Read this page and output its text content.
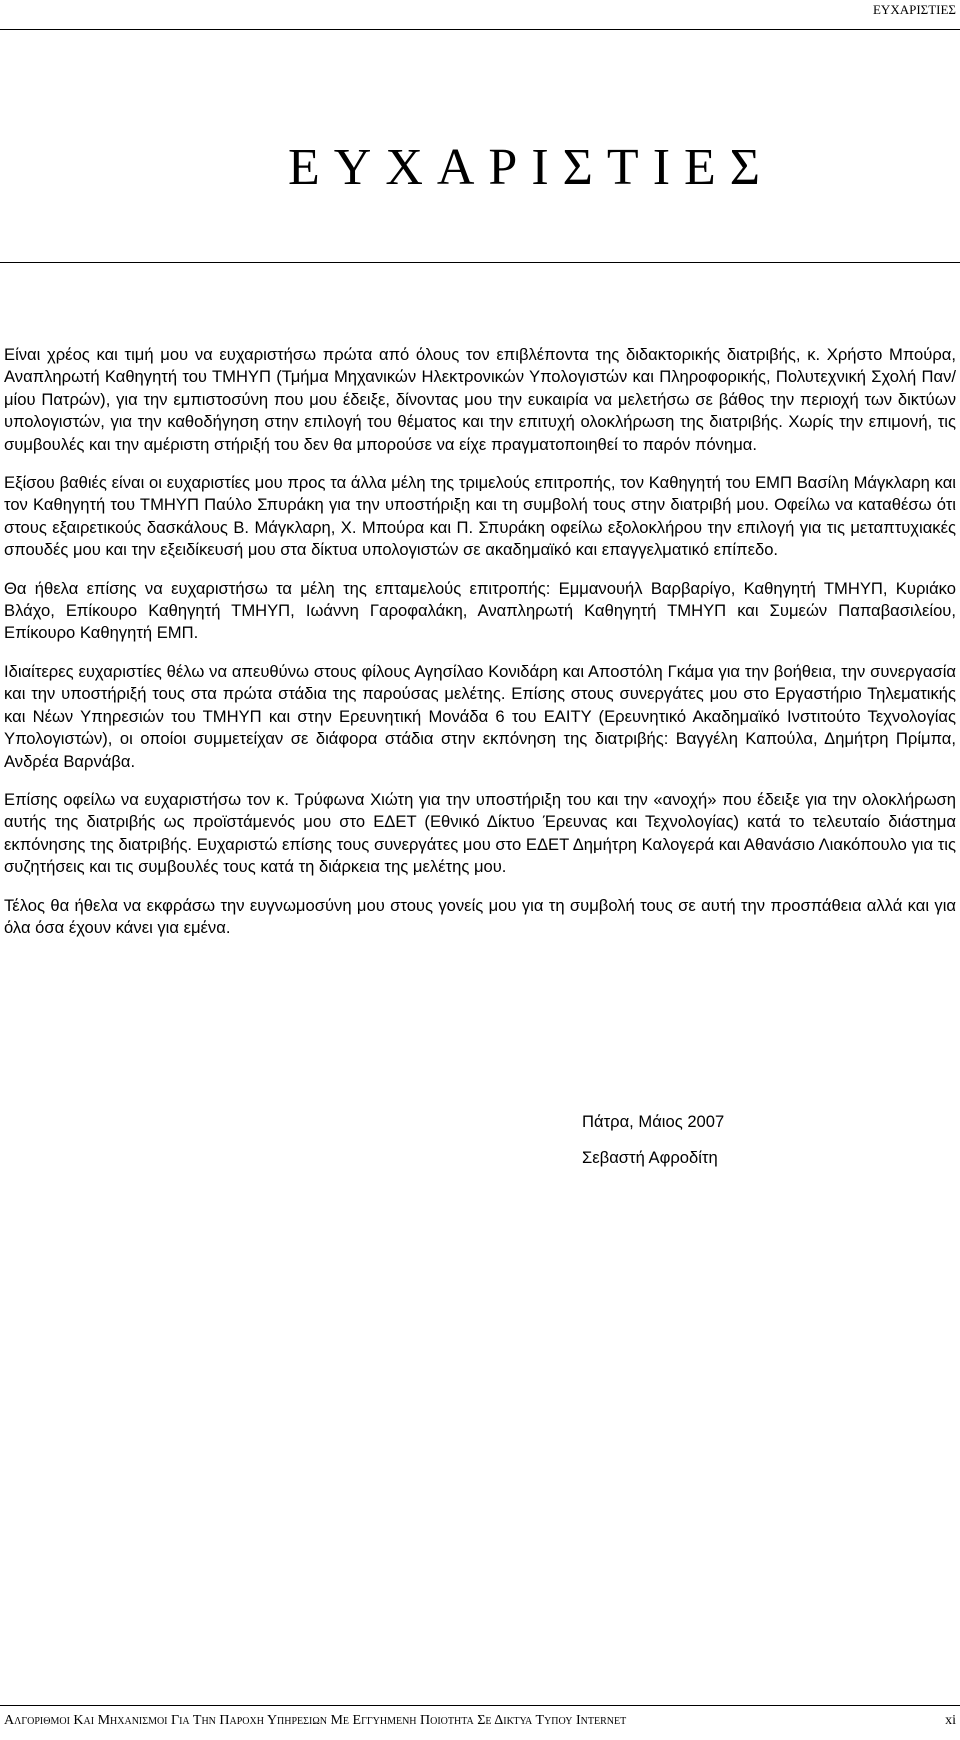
ΕΥΧΑΡΙΣΤΙΕΣ
ΕΥΧΑΡΙΣΤΙΕΣ

Είναι χρέος και τιμή μου να ευχαριστήσω πρώτα από όλους τον επιβλέποντα της διδακτορικής διατριβής, κ. Χρήστο Μπούρα, Αναπληρωτή Καθηγητή του ΤΜΗΥΠ (Τμήμα Μηχανικών Ηλεκτρονικών Υπολογιστών και Πληροφορικής, Πολυτεχνική Σχολή Παν/μίου Πατρών), για την εμπιστοσύνη που μου έδειξε, δίνοντας μου την ευκαιρία να μελετήσω σε βάθος την περιοχή των δικτύων υπολογιστών, για την καθοδήγηση στην επιλογή του θέματος και την επιτυχή ολοκλήρωση της διατριβής. Χωρίς την επιμονή, τις συμβουλές και την αμέριστη στήριξή του δεν θα μπορούσε να είχε πραγματοποιηθεί το παρόν πόνημα.

Εξίσου βαθιές είναι οι ευχαριστίες μου προς τα άλλα μέλη της τριμελούς επιτροπής, τον Καθηγητή του ΕΜΠ Βασίλη Μάγκλαρη και τον Καθηγητή του ΤΜΗΥΠ Παύλο Σπυράκη για την υποστήριξη και τη συμβολή τους στην διατριβή μου. Οφείλω να καταθέσω ότι στους εξαιρετικούς δασκάλους Β. Μάγκλαρη, Χ. Μπούρα και Π. Σπυράκη οφείλω εξολοκλήρου την επιλογή για τις μεταπτυχιακές σπουδές μου και την εξειδίκευσή μου στα δίκτυα υπολογιστών σε ακαδημαϊκό και επαγγελματικό επίπεδο.

Θα ήθελα επίσης να ευχαριστήσω τα μέλη της επταμελούς επιτροπής: Εμμανουήλ Βαρβαρίγο, Καθηγητή ΤΜΗΥΠ, Κυριάκο Βλάχο, Επίκουρο Καθηγητή ΤΜΗΥΠ, Ιωάννη Γαροφαλάκη, Αναπληρωτή Καθηγητή ΤΜΗΥΠ και Συμεών Παπαβασιλείου, Επίκουρο Καθηγητή ΕΜΠ.

Ιδιαίτερες ευχαριστίες θέλω να απευθύνω στους φίλους Αγησίλαο Κονιδάρη και Αποστόλη Γκάμα για την βοήθεια, την συνεργασία και την υποστήριξή τους στα πρώτα στάδια της παρούσας μελέτης. Επίσης στους συνεργάτες μου στο Εργαστήριο Τηλεματικής και Νέων Υπηρεσιών του ΤΜΗΥΠ και στην Ερευνητική Μονάδα 6 του ΕΑΙΤΥ (Ερευνητικό Ακαδημαϊκό Ινστιτούτο Τεχνολογίας Υπολογιστών), οι οποίοι συμμετείχαν σε διάφορα στάδια στην εκπόνηση της διατριβής: Βαγγέλη Καπούλα, Δημήτρη Πρίμπα, Ανδρέα Βαρνάβα.

Επίσης οφείλω να ευχαριστήσω τον κ. Τρύφωνα Χιώτη για την υποστήριξη του και την «ανοχή» που έδειξε για την ολοκλήρωση αυτής της διατριβής ως προϊστάμενός μου στο ΕΔΕΤ (Εθνικό Δίκτυο Έρευνας και Τεχνολογίας) κατά το τελευταίο διάστημα εκπόνησης της διατριβής. Ευχαριστώ επίσης τους συνεργάτες μου στο ΕΔΕΤ Δημήτρη Καλογερά και Αθανάσιο Λιακόπουλο για τις συζητήσεις και τις συμβουλές τους κατά τη διάρκεια της μελέτης μου.

Τέλος θα ήθελα να εκφράσω την ευγνωμοσύνη μου στους γονείς μου για τη συμβολή τους σε αυτή την προσπάθεια αλλά και για όλα όσα έχουν κάνει για εμένα.

Πάτρα, Μάιος 2007
Σεβαστή Αφροδίτη
Αλγοριθμοι Και Μηχανισμοι Για Την Παροχη Υπηρεσιων Με Εγγυημενη Ποιοτητα Σε Δικτυα Τυπου Internet	xi
